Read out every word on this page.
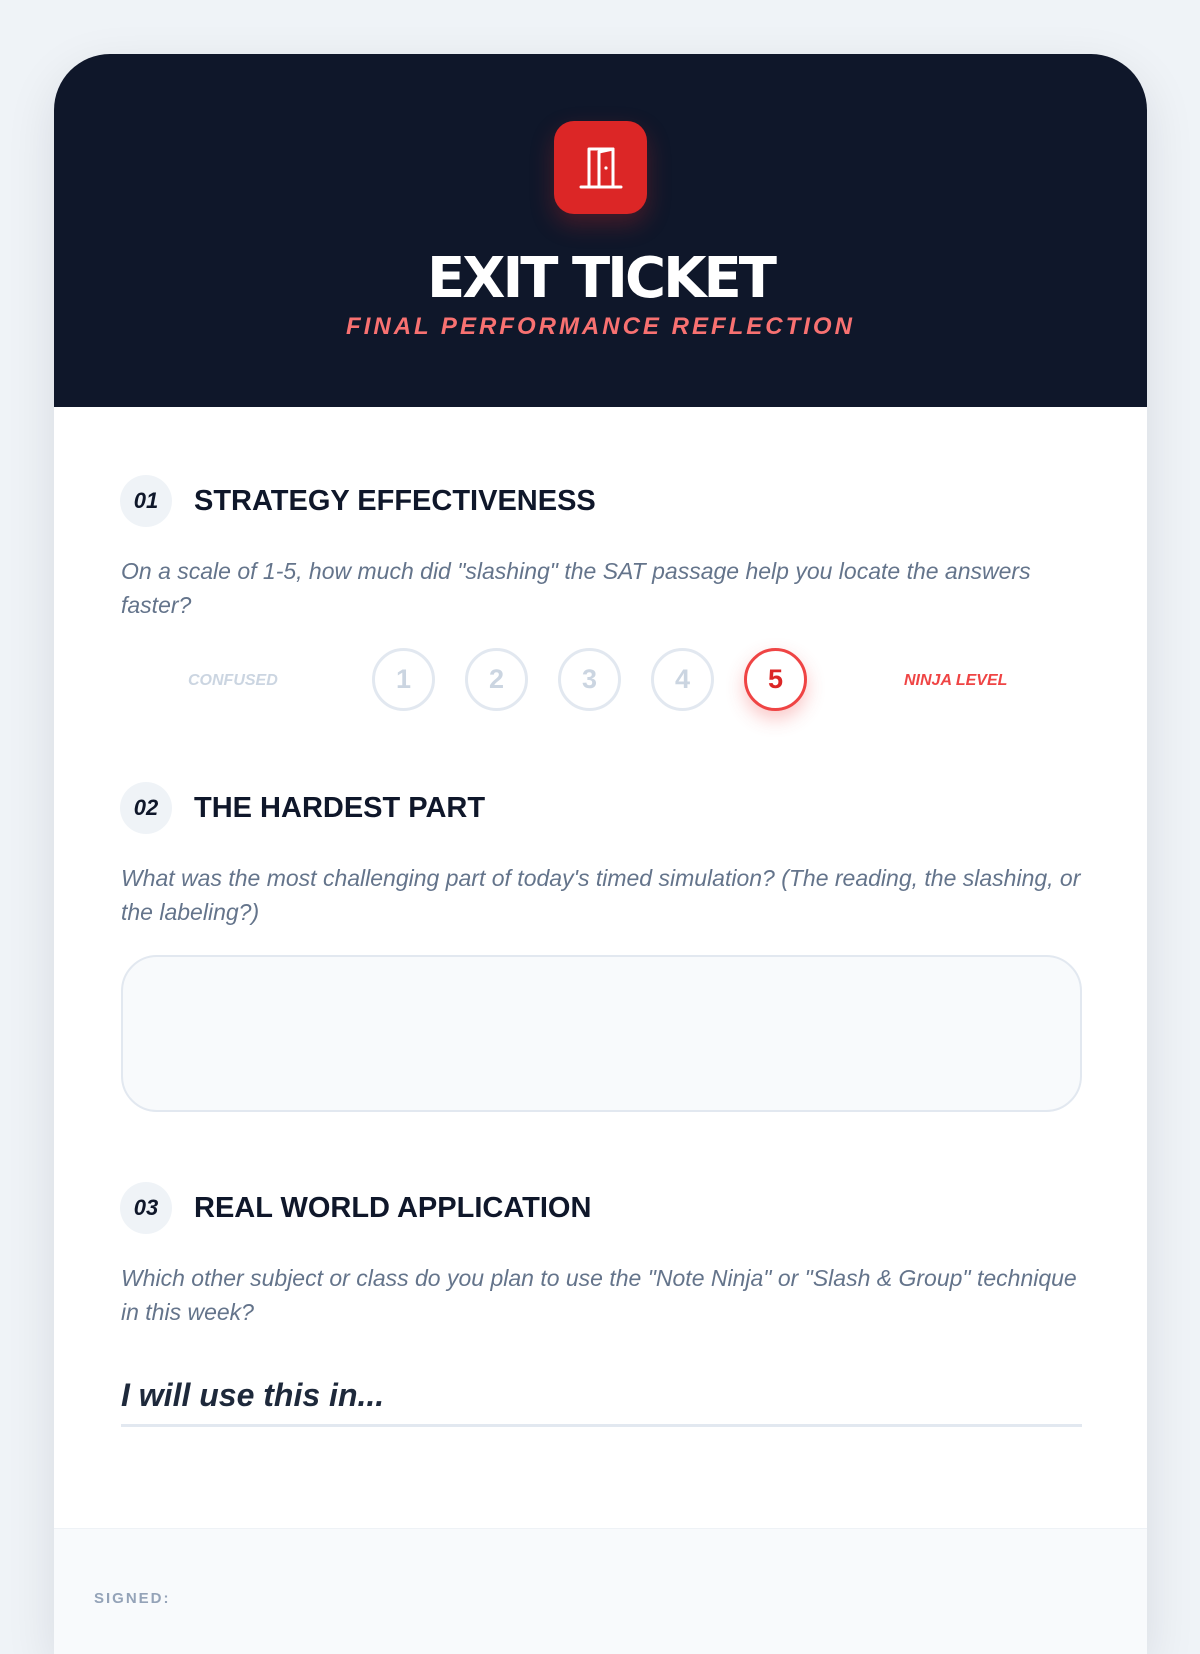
EXIT TICKET
FINAL PERFORMANCE REFLECTION
01	STRATEGY EFFECTIVENESS
On a scale of 1-5, how much did "slashing" the SAT passage help you locate the answers faster?
CONFUSED	1	2	3	4	5	NINJA LEVEL
02	THE HARDEST PART
What was the most challenging part of today's timed simulation? (The reading, the slashing, or the labeling?)
03	REAL WORLD APPLICATION
Which other subject or class do you plan to use the "Note Ninja" or "Slash & Group" technique in this week?
I will use this in...
SIGNED:
